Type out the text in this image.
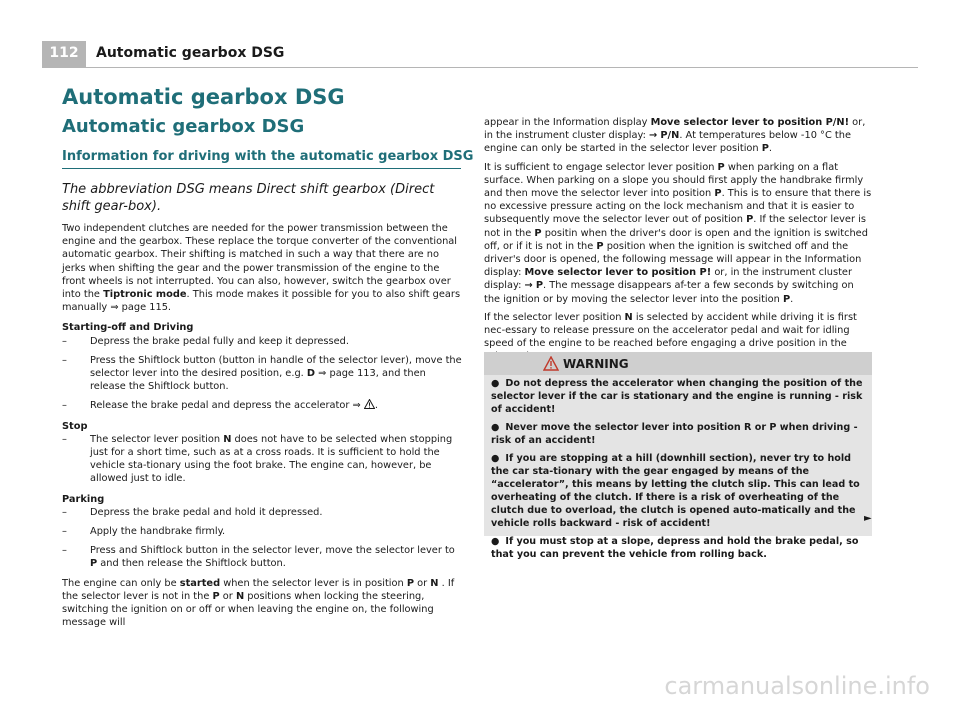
112	Automatic gearbox DSG
Automatic gearbox DSG
Automatic gearbox DSG
Information for driving with the automatic gearbox DSG

The abbreviation DSG means Direct shift gearbox (Direct shift gear-box).

Two independent clutches are needed for the power transmission between the engine and the gearbox. These replace the torque converter of the conventional automatic gearbox. Their shifting is matched in such a way that there are no jerks when shifting the gear and the power transmission of the engine to the front wheels is not interrupted. You can also, however, switch the gearbox over into the Tiptronic mode. This mode makes it possible for you to also shift gears manually ⇒ page 115.

Starting-off and Driving

– Depress the brake pedal fully and keep it depressed.
– Press the Shiftlock button (button in handle of the selector lever), move the selector lever into the desired position, e.g. D ⇒ page 113, and then release the Shiftlock button.
– Release the brake pedal and depress the accelerator ⇒ .

Stop

– The selector lever position N does not have to be selected when stopping just for a short time, such as at a cross roads. It is sufficient to hold the vehicle sta-tionary using the foot brake. The engine can, however, be allowed just to idle.

Parking

– Depress the brake pedal and hold it depressed.
– Apply the handbrake firmly.
– Press and Shiftlock button in the selector lever, move the selector lever to P and then release the Shiftlock button.

The engine can only be started when the selector lever is in position P or N . If the selector lever is not in the P or N positions when locking the steering, switching the ignition on or off or when leaving the engine on, the following message will

appear in the Information display Move selector lever to position P/N! or, in the instrument cluster display: → P/N. At temperatures below -10 °C the engine can only be started in the selector lever position P.

It is sufficient to engage selector lever position P when parking on a flat surface. When parking on a slope you should first apply the handbrake firmly and then move the selector lever into position P. This is to ensure that there is no excessive pressure acting on the lock mechanism and that it is easier to subsequently move the selector lever out of position P. If the selector lever is not in the P positin when the driver's door is open and the ignition is switched off, or if it is not in the P position when the ignition is switched off and the driver's door is opened, the following message will appear in the Information display: Move selector lever to position P! or, in the instrument cluster display: → P. The message disappears af-ter a few seconds by switching on the ignition or by moving the selector lever into the position P.

If the selector lever position N is selected by accident while driving it is first nec-essary to release pressure on the accelerator pedal and wait for idling speed of the engine to be reached before engaging a drive position in the

WARNING

● Do not depress the accelerator when changing the position of the selector lever if the car is stationary and the engine is running - risk of accident!

● Never move the selector lever into position R or P when driving - risk of an accident!

● If you are stopping at a hill (downhill section), never try to hold the car sta-tionary with the gear engaged by means of the “accelerator”, this means by letting the clutch slip. This can lead to overheating of the clutch. If there is a risk of overheating of the clutch due to overload, the clutch is opened auto-matically and the vehicle rolls backward - risk of accident!

● If you must stop at a slope, depress and hold the brake pedal, so that you can prevent the vehicle from rolling back.

►
carmanualsonline.info
